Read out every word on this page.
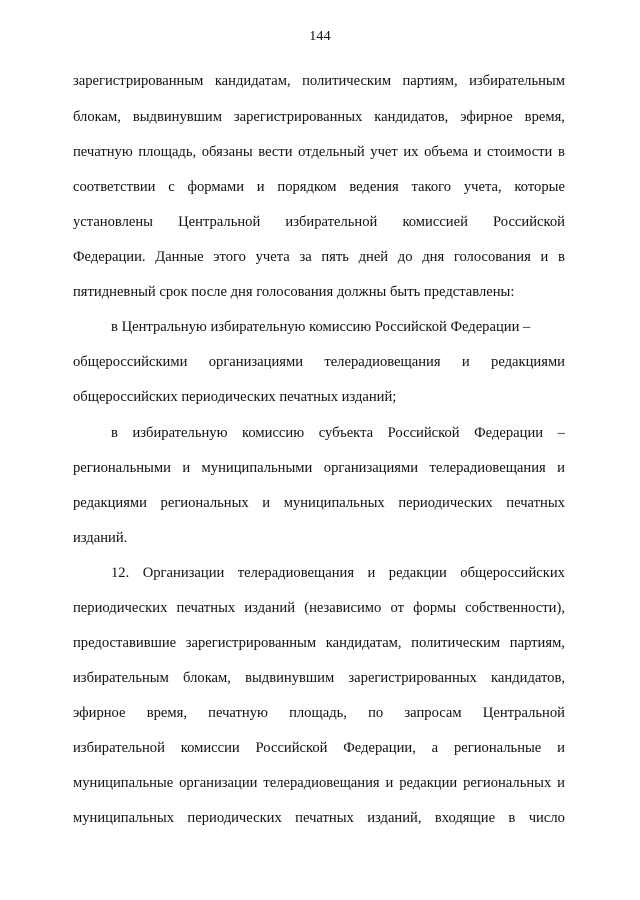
144
зарегистрированным кандидатам, политическим партиям, избирательным
блокам, выдвинувшим зарегистрированных кандидатов, эфирное время,
печатную площадь, обязаны вести отдельный учет их объема и стоимости в
соответствии с формами и порядком ведения такого учета, которые
установлены Центральной избирательной комиссией Российской
Федерации. Данные этого учета за пять дней до дня голосования и в
пятидневный срок после дня голосования должны быть представлены:
в Центральную избирательную комиссию Российской Федерации –
общероссийскими организациями телерадиовещания и редакциями
общероссийских периодических печатных изданий;
в избирательную комиссию субъекта Российской Федерации –
региональными и муниципальными организациями телерадиовещания и
редакциями региональных и муниципальных периодических печатных
изданий.
12. Организации телерадиовещания и редакции общероссийских
периодических печатных изданий (независимо от формы собственности),
предоставившие зарегистрированным кандидатам, политическим партиям,
избирательным блокам, выдвинувшим зарегистрированных кандидатов,
эфирное время, печатную площадь, по запросам Центральной
избирательной комиссии Российской Федерации, а региональные и
муниципальные организации телерадиовещания и редакции региональных и
муниципальных периодических печатных изданий, входящие в число
